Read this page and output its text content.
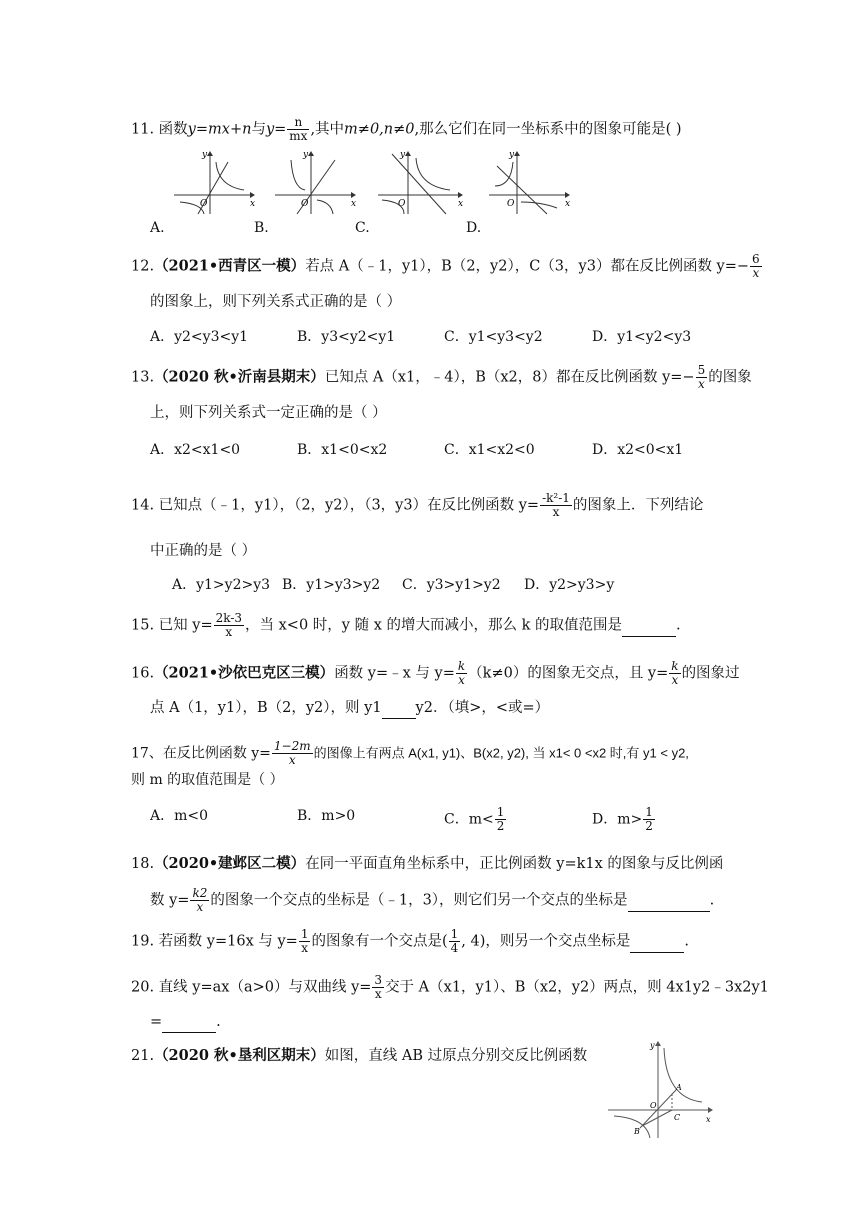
11. 函数y=mx+n与$y= \frac{n}{mx}$ ,其中m≠0,n≠0,那么它们在同一坐标系中的图象可能是( )
y
x
O
y
x
O
y
x
O
y
x
O
A.	B.	C.	D.
12.（2021•西青区一模）若点 A（﹣1，y1），B（2，y2），C（3，y3）都在反比例函数 $y=- \frac{6}{x}$
的图象上，则下列关系式正确的是（ ）
A．y2<y3<y1	B．y3<y2<y1	C．y1<y3<y2	D．y1<y2<y3
13.（2020 秋•沂南县期末）已知点 A（x1，﹣4），B（x2，8）都在反比例函数 $y=- \frac{5}{x}$ 的图象
上，则下列关系式一定正确的是（ ）
A．x2<x1<0	B．x1<0<x2	C．x1<x2<0	D．x2<0<x1
14. 已知点（﹣1，y1），（2，y2），（3，y3）在反比例函数 $y= \frac{\text{-k²-1}}{x}$ 的图象上．下列结论
中正确的是（ ）
A．y1>y2>y3 B．y1>y3>y2 C．y3>y1>y2 D．y2>y3>y
15. 已知 $y= \frac{2k-3}{x}$ ，当 x<0 时，y 随 x 的增大而减小，那么 k 的取值范围是	.
16.（2021•沙依巴克区三模）函数 y=﹣x 与 $y= \frac{k}{x} (k\ne 0)$的图象无交点，且 $y= \frac{k}{x}$ 的图象过
点 A（1，y1），B（2，y2），则 y1 y2．（填>，<或=）
17、在反比例函数 $y= \frac{1-2m}{x}$ 的图像上有两点 A(x1, y1)、B(x2, y2), 当 x1< 0 <x2 时,有 y1 < y2,
则 m 的取值范围是（ ）
A．m<0	B．m>0	C．$m< \frac{1}{2}$	D．$m> \frac{1}{2}$
18.（2020•建邺区二模）在同一平面直角坐标系中，正比例函数 y=k1x 的图象与反比例函
数 $y= \frac{k2}{x}$ 的图象一个交点的坐标是（﹣1，3），则它们另一个交点的坐标是	.
19. 若函数 y=16x 与 $y= \frac{1}{x}$ 的图象有一个交点是( $\frac{1}{4}$ , 4)，则另一个交点坐标是	.
20. 直线 y=ax（a>0）与双曲线 $y= \frac{3}{x}$ 交于 A（x1，y1）、B（x2，y2）两点，则 4x1y2﹣3x2y1
=	.
21.（2020 秋•垦利区期末）如图，直线 AB 过原点分别交反比例函数
y
x
O
A
B
C
